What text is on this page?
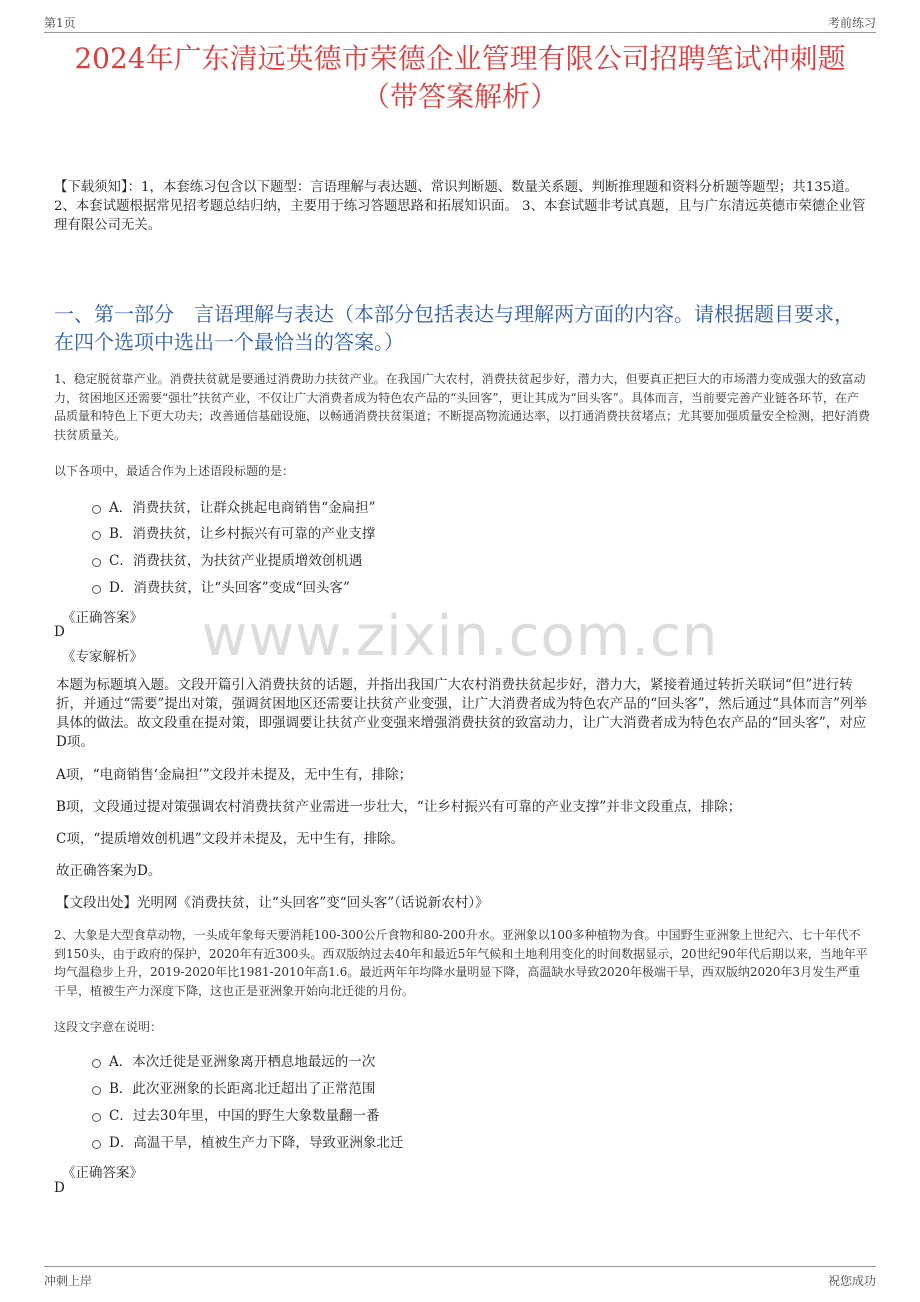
第1页	考前练习
2024年广东清远英德市荣德企业管理有限公司招聘笔试冲刺题
（带答案解析）
【下载须知】：1，本套练习包含以下题型：言语理解与表达题、常识判断题、数量关系题、判断推理题和资料分析题等题型；共135道。 2、本套试题根据常见招考题总结归纳，主要用于练习答题思路和拓展知识面。 3、本套试题非考试真题，且与广东清远英德市荣德企业管理有限公司无关。
一、第一部分　言语理解与表达（本部分包括表达与理解两方面的内容。请根据题目要求，在四个选项中选出一个最恰当的答案。）
1、稳定脱贫靠产业。消费扶贫就是要通过消费助力扶贫产业。在我国广大农村，消费扶贫起步好，潜力大，但要真正把巨大的市场潜力变成强大的致富动力，贫困地区还需要“强壮”扶贫产业，不仅让广大消费者成为特色农产品的“头回客”，更让其成为“回头客”。具体而言，当前要完善产业链各环节，在产品质量和特色上下更大功夫；改善通信基础设施，以畅通消费扶贫渠道；不断提高物流通达率，以打通消费扶贫堵点；尤其要加强质量安全检测，把好消费扶贫质量关。
以下各项中，最适合作为上述语段标题的是：
A．消费扶贫，让群众挑起电商销售“金扁担”
B．消费扶贫，让乡村振兴有可靠的产业支撑
C．消费扶贫，为扶贫产业提质增效创机遇
D．消费扶贫，让“头回客”变成“回头客”
《正确答案》
D
《专家解析》
本题为标题填入题。文段开篇引入消费扶贫的话题，并指出我国广大农村消费扶贫起步好，潜力大，紧接着通过转折关联词“但”进行转折，并通过“需要”提出对策，强调贫困地区还需要让扶贫产业变强，让广大消费者成为特色农产品的“回头客”，然后通过“具体而言”列举具体的做法。故文段重在提对策，即强调要让扶贫产业变强来增强消费扶贫的致富动力，让广大消费者成为特色农产品的“回头客”，对应D项。
A项，“电商销售‘金扁担’”文段并未提及，无中生有，排除；
B项，文段通过提对策强调农村消费扶贫产业需进一步壮大，“让乡村振兴有可靠的产业支撑”并非文段重点，排除；
C项，“提质增效创机遇”文段并未提及，无中生有，排除。
故正确答案为D。
【文段出处】光明网《消费扶贫，让“头回客”变“回头客”（话说新农村）》
2、大象是大型食草动物，一头成年象每天要消耗100-300公斤食物和80-200升水。亚洲象以100多种植物为食。中国野生亚洲象上世纪六、七十年代不到150头，由于政府的保护，2020年有近300头。西双版纳过去40年和最近5年气候和土地利用变化的时间数据显示，20世纪90年代后期以来，当地年平均气温稳步上升，2019-2020年比1981-2010年高1.6。最近两年年均降水量明显下降，高温缺水导致2020年极端干旱，西双版纳2020年3月发生严重干旱，植被生产力深度下降，这也正是亚洲象开始向北迁徙的月份。
这段文字意在说明：
A．本次迁徙是亚洲象离开栖息地最远的一次
B．此次亚洲象的长距离北迁超出了正常范围
C．过去30年里，中国的野生大象数量翻一番
D．高温干旱，植被生产力下降，导致亚洲象北迁
《正确答案》
D
www.zixin.com.cn
冲刺上岸	祝您成功
